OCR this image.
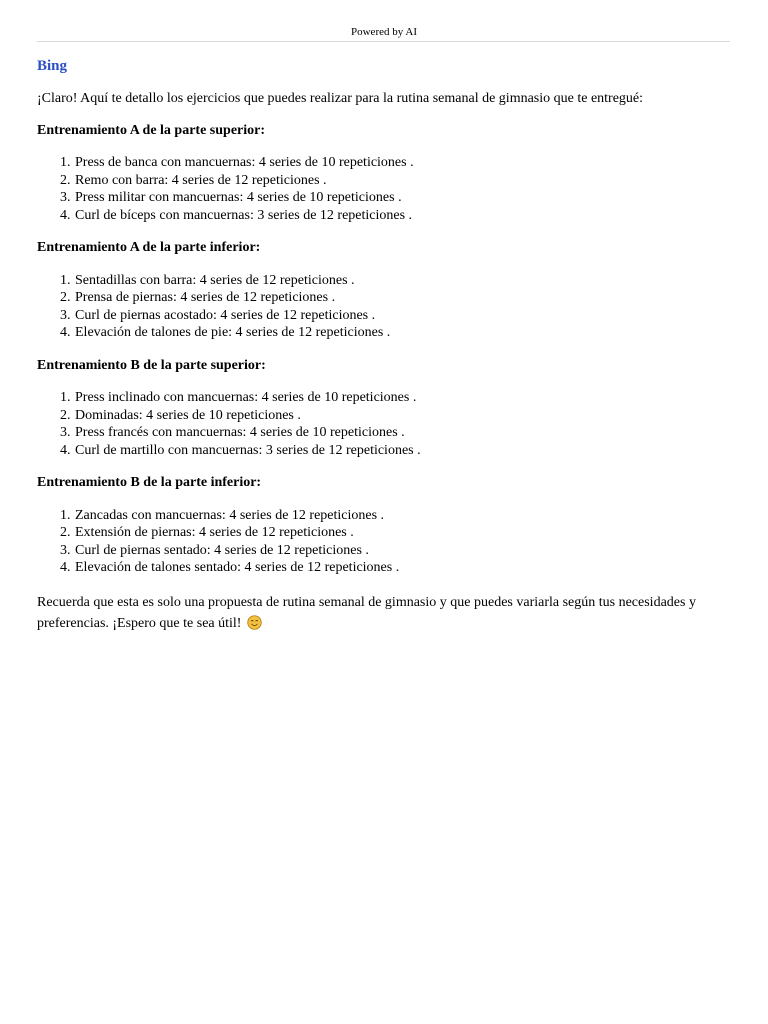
Powered by AI
Bing

¡Claro! Aquí te detallo los ejercicios que puedes realizar para la rutina semanal de gimnasio que te entregué:

Entrenamiento A de la parte superior:
1. Press de banca con mancuernas: 4 series de 10 repeticiones .
2. Remo con barra: 4 series de 12 repeticiones .
3. Press militar con mancuernas: 4 series de 10 repeticiones .
4. Curl de bíceps con mancuernas: 3 series de 12 repeticiones .
Entrenamiento A de la parte inferior:
1. Sentadillas con barra: 4 series de 12 repeticiones .
2. Prensa de piernas: 4 series de 12 repeticiones .
3. Curl de piernas acostado: 4 series de 12 repeticiones .
4. Elevación de talones de pie: 4 series de 12 repeticiones .
Entrenamiento B de la parte superior:
1. Press inclinado con mancuernas: 4 series de 10 repeticiones .
2. Dominadas: 4 series de 10 repeticiones .
3. Press francés con mancuernas: 4 series de 10 repeticiones .
4. Curl de martillo con mancuernas: 3 series de 12 repeticiones .
Entrenamiento B de la parte inferior:
1. Zancadas con mancuernas: 4 series de 12 repeticiones .
2. Extensión de piernas: 4 series de 12 repeticiones .
3. Curl de piernas sentado: 4 series de 12 repeticiones .
4. Elevación de talones sentado: 4 series de 12 repeticiones .

Recuerda que esta es solo una propuesta de rutina semanal de gimnasio y que puedes variarla según tus necesidades y preferencias. ¡Espero que te sea útil!
